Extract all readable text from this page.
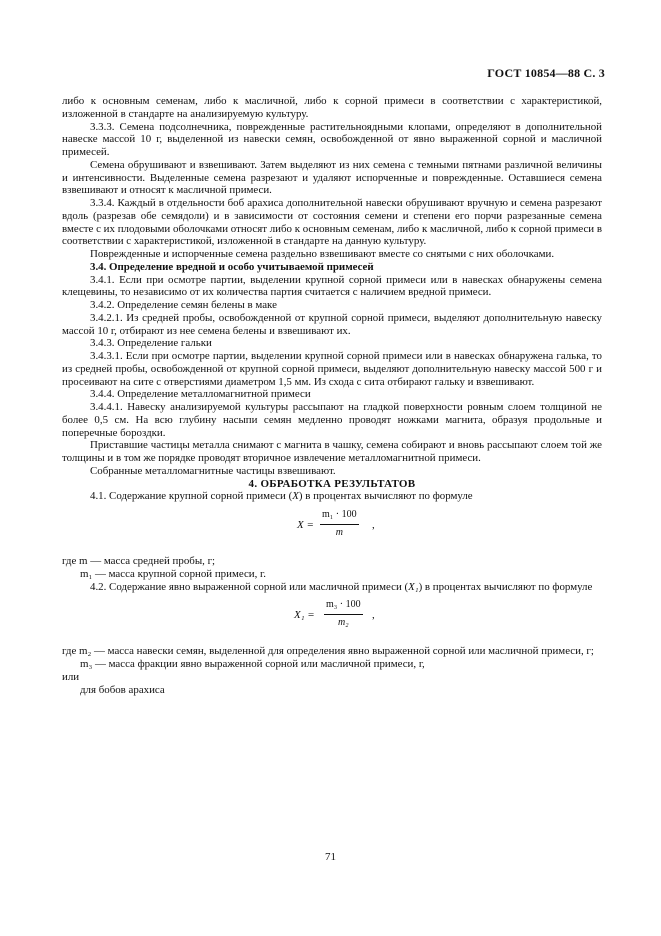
ГОСТ 10854—88 С. 3

либо к основным семенам, либо к масличной, либо к сорной примеси в соответствии с характеристикой, изложенной в стандарте на анализируемую культуру.

3.3.3. Семена подсолнечника, поврежденные растительноядными клопами, определяют в дополнительной навеске массой 10 г, выделенной из навески семян, освобожденной от явно выраженной сорной и масличной примесей.

Семена обрушивают и взвешивают. Затем выделяют из них семена с темными пятнами различной величины и интенсивности. Выделенные семена разрезают и удаляют испорченные и поврежденные. Оставшиеся семена взвешивают и относят к масличной примеси.

3.3.4. Каждый в отдельности боб арахиса дополнительной навески обрушивают вручную и семена разрезают вдоль (разрезав обе семядоли) и в зависимости от состояния семени и степени его порчи разрезанные семена вместе с их плодовыми оболочками относят либо к основным семенам, либо к масличной, либо к сорной примеси в соответствии с характеристикой, изложенной в стандарте на данную культуру.

Поврежденные и испорченные семена раздельно взвешивают вместе со снятыми с них оболочками.

3.4. Определение вредной и особо учитываемой примесей

3.4.1. Если при осмотре партии, выделении крупной сорной примеси или в навесках обнаружены семена клещевины, то независимо от их количества партия считается с наличием вредной примеси.

3.4.2. Определение семян белены в маке

3.4.2.1. Из средней пробы, освобожденной от крупной сорной примеси, выделяют дополнительную навеску массой 10 г, отбирают из нее семена белены и взвешивают их.

3.4.3. Определение гальки

3.4.3.1. Если при осмотре партии, выделении крупной сорной примеси или в навесках обнаружена галька, то из средней пробы, освобожденной от крупной сорной примеси, выделяют дополнительную навеску массой 500 г и просеивают на сите с отверстиями диаметром 1,5 мм. Из схода с сита отбирают гальку и взвешивают.

3.4.4. Определение металломагнитной примеси

3.4.4.1. Навеску анализируемой культуры рассыпают на гладкой поверхности ровным слоем толщиной не более 0,5 см. На всю глубину насыпи семян медленно проводят ножками магнита, образуя продольные и поперечные бороздки.

Приставшие частицы металла снимают с магнита в чашку, семена собирают и вновь рассыпают слоем той же толщины и в том же порядке проводят вторичное извлечение металломагнитной примеси.

Собранные металломагнитные частицы взвешивают.

4. ОБРАБОТКА РЕЗУЛЬТАТОВ

4.1. Содержание крупной сорной примеси (X) в процентах вычисляют по формуле

$X = \frac{\text{m₁ · 100}}{m}$ ,

где m — масса средней пробы, г;

m₁ — масса крупной сорной примеси, г.

4.2. Содержание явно выраженной сорной или масличной примеси (X₁) в процентах вычисляют по формуле

$X_1 = \frac{\text{m₃ · 100}}{\text{m₂}}$ ,

где m₂ — масса навески семян, выделенной для определения явно выраженной сорной или масличной примеси, г;

m₃ — масса фракции явно выраженной сорной или масличной примеси, г,

или

для бобов арахиса

71
